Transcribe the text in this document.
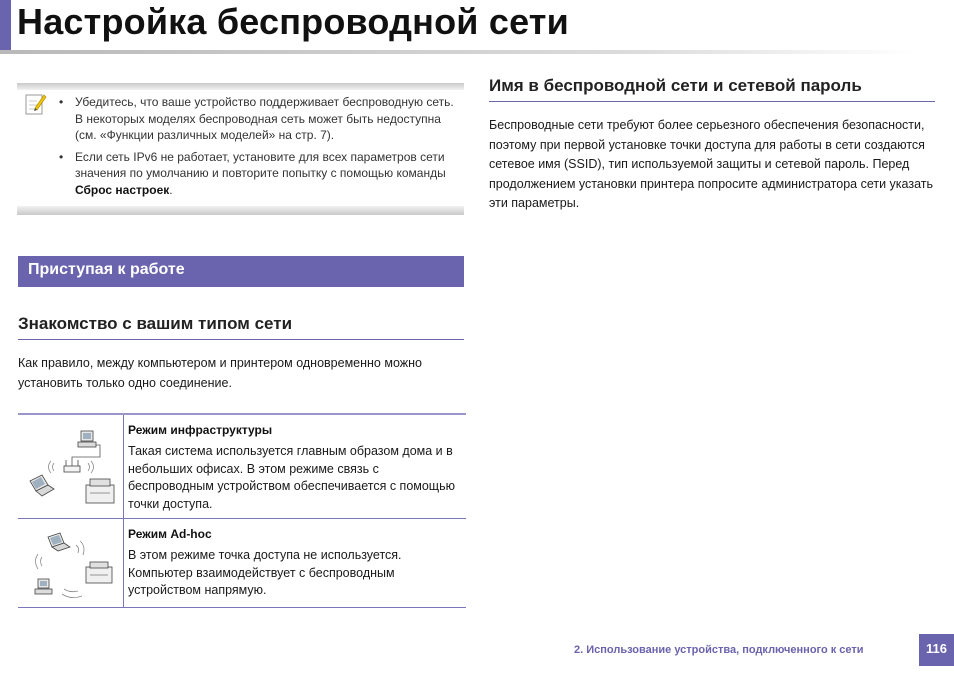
Настройка беспроводной сети
• Убедитесь, что ваше устройство поддерживает беспроводную сеть. В некоторых моделях беспроводная сеть может быть недоступна (см. «Функции различных моделей» на стр. 7).
• Если сеть IPv6 не работает, установите для всех параметров сети значения по умолчанию и повторите попытку с помощью команды Сброс настроек.
Приступая к работе
Знакомство с вашим типом сети

Как правило, между компьютером и принтером одновременно можно установить только одно соединение.

Режим инфраструктуры

Такая система используется главным образом дома и в небольших офисах. В этом режиме связь с беспроводным устройством обеспечивается с помощью точки доступа.

Режим Ad-hoc

В этом режиме точка доступа не используется. Компьютер взаимодействует с беспроводным устройством напрямую.

Имя в беспроводной сети и сетевой пароль

Беспроводные сети требуют более серьезного обеспечения безопасности, поэтому при первой установке точки доступа для работы в сети создаются сетевое имя (SSID), тип используемой защиты и сетевой пароль. Перед продолжением установки принтера попросите администратора сети указать эти параметры.

2. Использование устройства, подключенного к сети	116
